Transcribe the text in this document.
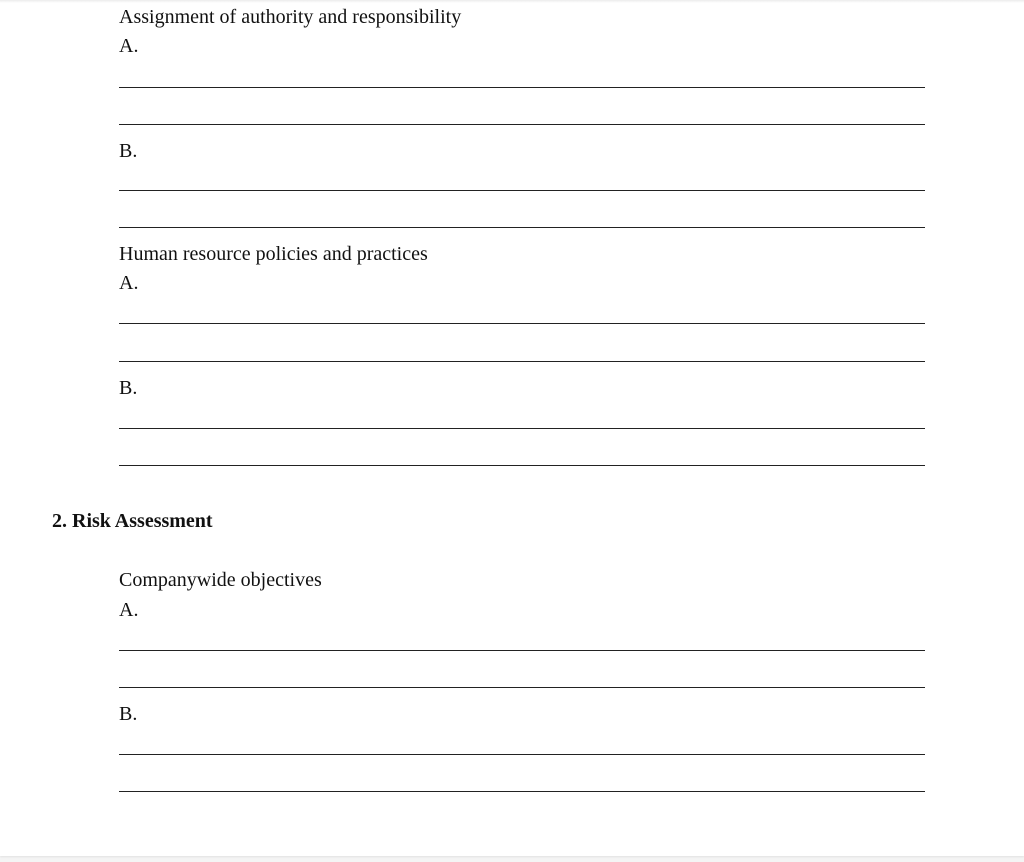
Assignment of authority and responsibility
A.
B.
Human resource policies and practices
A.
B.
2. Risk Assessment
Companywide objectives
A.
B.
